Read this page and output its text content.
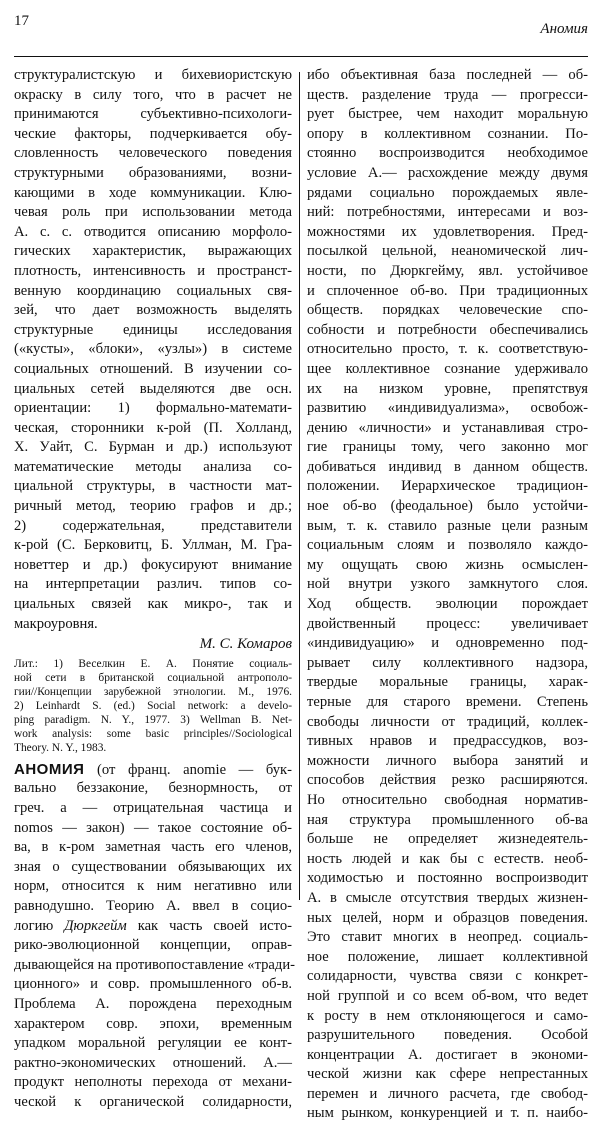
17	Аномия
структуралистскую и бихевиористскую
окраску в силу того, что в расчет не
принимаются субъективно-психологи-
ческие факторы, подчеркивается обу-
словленность человеческого поведения
структурными образованиями, возни-
кающими в ходе коммуникации. Клю-
чевая роль при использовании метода
А. с. с. отводится описанию морфоло-
гических характеристик, выражающих
плотность, интенсивность и пространст-
венную координацию социальных свя-
зей, что дает возможность выделять
структурные единицы исследования
(«кусты», «блоки», «узлы») в системе
социальных отношений. В изучении со-
циальных сетей выделяются две осн.
ориентации: 1) формально-математи-
ческая, сторонники к-рой (П. Холланд,
Х. Уайт, С. Бурман и др.) используют
математические методы анализа со-
циальной структуры, в частности мат-
ричный метод, теорию графов и др.;
2) содержательная, представители
к-рой (С. Берковитц, Б. Уллман, М. Гра-
новеттер и др.) фокусируют внимание
на интерпретации различ. типов со-
циальных связей как микро-, так и
макроуровня.
М. С. Комаров
Лит.: 1) Веселкин Е. А. Понятие социаль-
ной сети в британской социальной антрополо-
гии//Концепции зарубежной этнологии. М., 1976.
2) Leinhardt S. (ed.) Social network: a develo-
ping paradigm. N. Y., 1977. 3) Wellman B. Net-
work analysis: some basic principles//Sociological
Theory. N. Y., 1983.
АНОМИЯ (от франц. anomie — бук-
вально беззаконие, безнормность, от
греч. а — отрицательная частица и
nomos — закон) — такое состояние об-
ва, в к-ром заметная часть его членов,
зная о существовании обязывающих их
норм, относится к ним негативно или
равнодушно. Теорию А. ввел в социо-
логию Дюркгейм как часть своей исто-
рико-эволюционной концепции, оправ-
дывающейся на противопоставление «тради-
ционного» и совр. промышленного об-в.
Проблема А. порождена переходным
характером совр. эпохи, временным
упадком моральной регуляции ее конт-
рактно-экономических отношений. А.—
продукт неполноты перехода от механи-
ческой к органической солидарности,
ибо объективная база последней — об-
ществ. разделение труда — прогресси-
рует быстрее, чем находит моральную
опору в коллективном сознании. По-
стоянно воспроизводится необходимое
условие А.— расхождение между двумя
рядами социально порождаемых явле-
ний: потребностями, интересами и воз-
можностями их удовлетворения. Пред-
посылкой цельной, неаномической лич-
ности, по Дюркгейму, явл. устойчивое
и сплоченное об-во. При традиционных
обществ. порядках человеческие спо-
собности и потребности обеспечивались
относительно просто, т. к. соответствую-
щее коллективное сознание удерживало
их на низком уровне, препятствуя
развитию «индивидуализма», освобож-
дению «личности» и устанавливая стро-
гие границы тому, чего законно мог
добиваться индивид в данном обществ.
положении. Иерархическое традицион-
ное об-во (феодальное) было устойчи-
вым, т. к. ставило разные цели разным
социальным слоям и позволяло каждо-
му ощущать свою жизнь осмыслен-
ной внутри узкого замкнутого слоя.
Ход обществ. эволюции порождает
двойственный процесс: увеличивает
«индивидуацию» и одновременно под-
рывает силу коллективного надзора,
твердые моральные границы, харак-
терные для старого времени. Степень
свободы личности от традиций, коллек-
тивных нравов и предрассудков, воз-
можности личного выбора занятий и
способов действия резко расширяются.
Но относительно свободная норматив-
ная структура промышленного об-ва
больше не определяет жизнедеятель-
ность людей и как бы с естеств. необ-
ходимостью и постоянно воспроизводит
А. в смысле отсутствия твердых жизнен-
ных целей, норм и образцов поведения.
Это ставит многих в неопред. социаль-
ное положение, лишает коллективной
солидарности, чувства связи с конкрет-
ной группой и со всем об-вом, что ведет
к росту в нем отклоняющегося и само-
разрушительного поведения. Особой
концентрации А. достигает в экономи-
ческой жизни как сфере непрестанных
перемен и личного расчета, где свобод-
ным рынком, конкуренцией и т. п. наибо-
